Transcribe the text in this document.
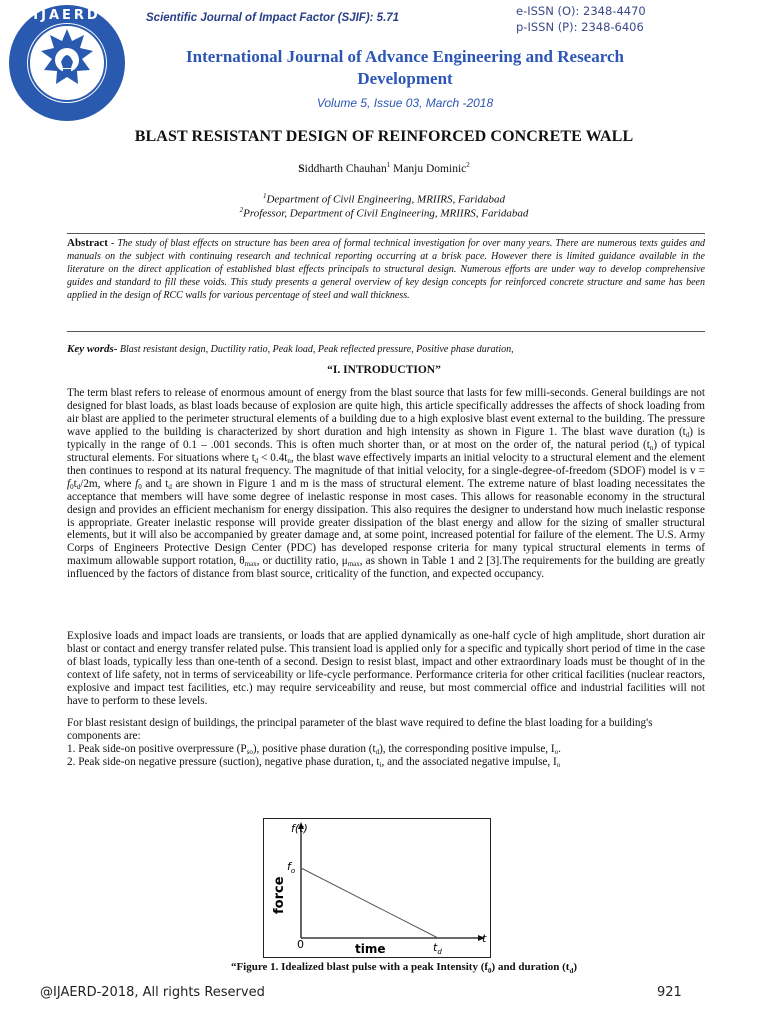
IJAERD	Scientific Journal of Impact Factor (SJIF): 5.71	e-ISSN (O): 2348-4470
p-ISSN (P): 2348-6406
International Journal of Advance Engineering and Research Development
Volume 5, Issue 03, March -2018
BLAST RESISTANT DESIGN OF REINFORCED CONCRETE WALL
Siddharth Chauhan$^1$ Manju Dominic$^2$
$^1$Department of Civil Engineering, MRIIRS, Faridabad
$^2$Professor, Department of Civil Engineering, MRIIRS, Faridabad
Abstract - The study of blast effects on structure has been area of formal technical investigation for over many years. There are numerous texts guides and manuals on the subject with continuing research and technical reporting occurring at a brisk pace. However there is limited guidance available in the literature on the direct application of established blast effects principals to structural design. Numerous efforts are under way to develop comprehensive guides and standard to fill these voids. This study presents a general overview of key design concepts for reinforced concrete structure and same has been applied in the design of RCC walls for various percentage of steel and wall thickness.
Key words- Blast resistant design, Ductility ratio, Peak load, Peak reflected pressure, Positive phase duration,
“I. INTRODUCTION”
The term blast refers to release of enormous amount of energy from the blast source that lasts for few milli-seconds. General buildings are not designed for blast loads, as blast loads because of explosion are quite high, this article specifically addresses the affects of shock loading from air blast are applied to the perimeter structural elements of a building due to a high explosive blast event external to the building. The pressure wave applied to the building is characterized by short duration and high intensity as shown in Figure 1. The blast wave duration $(t_d)$ is typically in the range of 0.1 – .001 seconds. This is often much shorter than, or at most on the order of, the natural period $(t_n)$ of typical structural elements. For situations where $t_d < 0.4t_n$, the blast wave effectively imparts an initial velocity to a structural element and the element then continues to respond at its natural frequency. The magnitude of that initial velocity, for a single-degree-of-freedom (SDOF) model is $v = f_0t_d/2m$, where $f_0$ and $t_d$ are shown in Figure 1 and m is the mass of structural element. The extreme nature of blast loading necessitates the acceptance that members will have some degree of inelastic response in most cases. This allows for reasonable economy in the structural design and provides an efficient mechanism for energy dissipation. This also requires the designer to understand how much inelastic response is appropriate. Greater inelastic response will provide greater dissipation of the blast energy and allow for the sizing of smaller structural elements, but it will also be accompanied by greater damage and, at some point, increased potential for failure of the element. The U.S. Army Corps of Engineers Protective Design Center (PDC) has developed response criteria for many typical structural elements in terms of maximum allowable support rotation, $\theta_{max}$, or ductility ratio, $\mu_{max}$, as shown in Table 1 and 2 [3].The requirements for the building are greatly influenced by the factors of distance from blast source, criticality of the function, and expected occupancy.
Explosive loads and impact loads are transients, or loads that are applied dynamically as one-half cycle of high amplitude, short duration air blast or contact and energy transfer related pulse. This transient load is applied only for a specific and typically short period of time in the case of blast loads, typically less than one-tenth of a second. Design to resist blast, impact and other extraordinary loads must be thought of in the context of life safety, not in terms of serviceability or life-cycle performance. Performance criteria for other critical facilities (nuclear reactors, explosive and impact test facilities, etc.) may require serviceability and reuse, but most commercial office and industrial facilities will not have to perform to these levels.

For blast resistant design of buildings, the principal parameter of the blast wave required to define the blast loading for a building's components are:

1. Peak side-on positive overpressure $(P_{so})$, positive phase duration $(t_d)$, the corresponding positive impulse, $I_o$.

2. Peak side-on negative pressure (suction), negative phase duration, $t_i$, and the associated negative impulse, $I_o$

f(t)
$f_o$
force
0	time	$t_d$
t
“Figure 1. Idealized blast pulse with a peak Intensity $(f_0)$ and duration $(t_d)$
@IJAERD-2018, All rights Reserved	921
